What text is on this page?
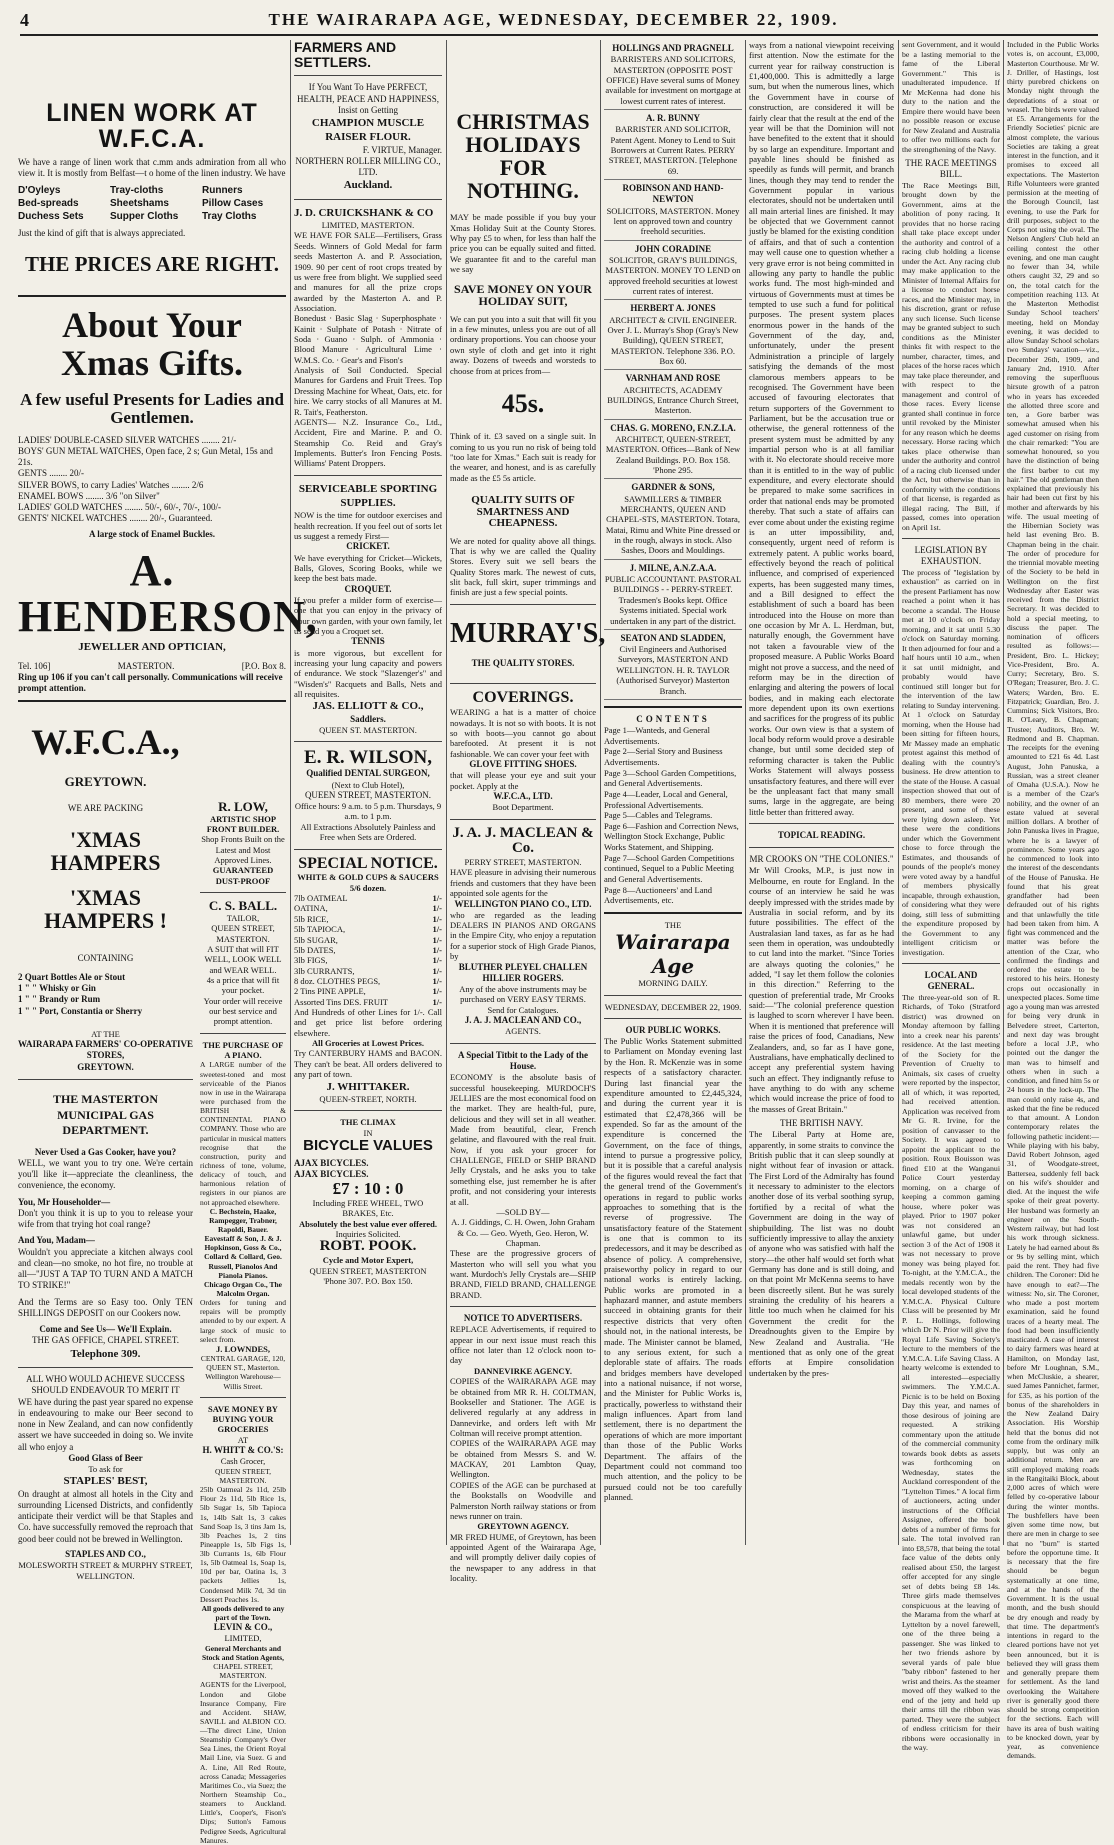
4	THE WAIRARAPA AGE, WEDNESDAY, DECEMBER 22, 1909.
LINEN WORK AT W.F.C.A.
We have a range of linen work that c.mm ands admiration from all who view it. It is mostly from Belfast—t o home of the linen industry. We have
D'Oyleys	Tray-cloths	Runners
Bed-spreads	Sheetshams	Pillow Cases
Duchess Sets	Supper Cloths	Tray Cloths
Just the kind of gift that is always appreciated.
THE PRICES ARE RIGHT.
About Your Xmas Gifts.
A few useful Presents for Ladies and Gentlemen.
LADIES' DOUBLE-CASED SILVER WATCHES ........ 21/-
BOYS' GUN METAL WATCHES, Open face, 2 s; Gun Metal, 15s and 21s.
GENTS ........ 20/-
SILVER BOWS, to carry Ladies' Watches ........ 2/6
ENAMEL BOWS ........ 3/6 "on Silver"
LADIES' GOLD WATCHES ........ 50/-, 60/-, 70/-, 100/-
GENTS' NICKEL WATCHES ........ 20/-, Guaranteed.
A large stock of Enamel Buckles.
A. HENDERSON,
JEWELLER AND OPTICIAN,
Tel. 106]	MASTERTON.	[P.O. Box 8.
Ring up 106 if you can't call personally. Communications will receive prompt attention.
W.F.C.A.,
GREYTOWN.
WE ARE PACKING
'XMAS HAMPERS
'XMAS HAMPERS !
CONTAINING
2 Quart Bottles Ale or Stout
1 " " Whisky or Gin
1 " " Brandy or Rum
1 " " Port, Constantia or Sherry
AT THE
WAIRARAPA FARMERS' CO-OPERATIVE STORES,
GREYTOWN.
THE MASTERTON MUNICIPAL GAS DEPARTMENT.
Never Used a Gas Cooker, have you?
WELL, we want you to try one. We're certain you'll like it—appreciate the cleanliness, the convenience, the economy.
You, Mr Householder—
Don't you think it is up to you to release your wife from that trying hot coal range?
And You, Madam—
Wouldn't you appreciate a kitchen always cool and clean—no smoke, no hot fire, no trouble at all—"JUST A TAP TO TURN AND A MATCH TO STRIKE!"
And the Terms are so Easy too. Only TEN SHILLINGS DEPOSIT on our Cookers now.
Come and See Us— We'll Explain.
THE GAS OFFICE, CHAPEL STREET.
Telephone 309.
ALL WHO WOULD ACHIEVE SUCCESS SHOULD ENDEAVOUR TO MERIT IT
WE have during the past year spared no expense in endeavouring to make our Beer second to none in New Zealand, and can now confidently assert we have succeeded in doing so. We invite all who enjoy a
Good Glass of Beer
To ask for
STAPLES' BEST,
On draught at almost all hotels in the City and surrounding Licensed Districts, and confidently anticipate their verdict will be that Staples and Co. have successfully removed the reproach that good beer could not be brewed in Wellington.
STAPLES AND CO.,
MOLESWORTH STREET & MURPHY STREET,
WELLINGTON.
FARMERS AND SETTLERS.
If You Want To Have PERFECT, HEALTH, PEACE AND HAPPINESS,
Insist on Getting
CHAMPION MUSCLE RAISER FLOUR.
F. VIRTUE, Manager.
NORTHERN ROLLER MILLING CO., LTD.
Auckland.
J. D. CRUICKSHANK & CO
LIMITED, MASTERTON.
WE HAVE FOR SALE—Fertilisers, Grass Seeds. Winners of Gold Medal for farm seeds Masterton A. and P. Association, 1909. 90 per cent of root crops treated by us were free from blight. We supplied seed and manures for all the prize crops awarded by the Masterton A. and P. Association.
Bonedust · Basic Slag · Superphosphate · Kainit · Sulphate of Potash · Nitrate of Soda · Guano · Sulph. of Ammonia · Blood Manure · Agricultural Lime · W.M.S. Co. · Gear's and Fison's
Analysis of Soil Conducted. Special Manures for Gardens and Fruit Trees. Top Dressing Machine for Wheat, Oats, etc. for hire. We carry stocks of all Manures at M. R. Tait's, Featherston.
AGENTS— N.Z. Insurance Co., Ltd., Accident, Fire and Marine. P. and O. Steamship Co. Reid and Gray's Implements. Butter's Iron Fencing Posts. Williams' Patent Droppers.
SERVICEABLE SPORTING SUPPLIES.
NOW is the time for outdoor exercises and health recreation. If you feel out of sorts let us suggest a remedy First—
CRICKET.
We have everything for Cricket—Wickets, Balls, Gloves, Scoring Books, while we keep the best bats made.
CROQUET.
If you prefer a milder form of exercise—one that you can enjoy in the privacy of your own garden, with your own family, let us send you a Croquet set.
TENNIS
is more vigorous, but excellent for increasing your lung capacity and powers of endurance. We stock "Slazenger's" and "Wisden's" Racquets and Balls, Nets and all requisites.
JAS. ELLIOTT & CO.,
Saddlers.
QUEEN ST. MASTERTON.
E. R. WILSON,
Qualified DENTAL SURGEON,
(Next to Club Hotel),
QUEEN STREET, MASTERTON.
Office hours: 9 a.m. to 5 p.m. Thursdays, 9 a.m. to 1 p.m.
All Extractions Absolutely Painless and Free when Sets are Ordered.
SPECIAL NOTICE.
WHITE & GOLD CUPS & SAUCERS 5/6 dozen.
7lb OATMEAL	1/-
OATINA,	1/-
5lb RICE,	1/-
5lb TAPIOCA,	1/-
5lb SUGAR,	1/-
5lb DATES,	1/-
3lb FIGS,	1/-
3lb CURRANTS,	1/-
8 doz. CLOTHES PEGS,	1/-
2 Tins PINE APPLE,	1/-
Assorted Tins DES. FRUIT	1/-
And Hundreds of other Lines for 1/-. Call and get price list before ordering elsewhere.
All Groceries at Lowest Prices.
Try CANTERBURY HAMS and BACON. They can't be beat. All orders delivered to any part of town.
J. WHITTAKER.
QUEEN-STREET, NORTH.
THE CLIMAX
IN
BICYCLE VALUES
AJAX BICYCLES.
AJAX BICYCLES.
£7 : 10 : 0
Including FREE WHEEL, TWO BRAKES, Etc.
Absolutely the best value ever offered.
Inquiries Solicited.
ROBT. POOK.
Cycle and Motor Expert,
QUEEN STREET, MASTERTON
'Phone 307. P.O. Box 150.
CHRISTMAS HOLIDAYS FOR NOTHING.
MAY be made possible if you buy your Xmas Holiday Suit at the County Stores. Why pay £5 to when, for less than half the price you can be equally suited and fitted. We guarantee fit and to the careful man we say
SAVE MONEY ON YOUR HOLIDAY SUIT,
We can put you into a suit that will fit you in a few minutes, unless you are out of all ordinary proportions. You can choose your own style of cloth and get into it right away. Dozens of tweeds and worsteds to choose from at prices from—
45s.
Think of it. £3 saved on a single suit. In coming to us you run no risk of being told "too late for Xmas." Each suit is ready for the wearer, and honest, and is as carefully made as the £5 5s article.
QUALITY SUITS OF SMARTNESS AND CHEAPNESS.
We are noted for quality above all things. That is why we are called the Quality Stores. Every suit we sell bears the Quality Stores mark. The newest of cuts, slit back, full skirt, super trimmings and finish are just a few special points.
MURRAY'S,
THE QUALITY STORES.
COVERINGS.
WEARING a hat is a matter of choice nowadays. It is not so with boots. It is not so with boots—you cannot go about barefooted. At present it is not fashionable. We can cover your feet with
GLOVE FITTING SHOES.
that will please your eye and suit your pocket. Apply at the
W.F.C.A., LTD.
Boot Department.
J. A. J. MACLEAN & Co.
PERRY STREET, MASTERTON.
HAVE pleasure in advising their numerous friends and customers that they have been appointed sole agents for the
WELLINGTON PIANO CO., LTD.
who are regarded as the leading DEALERS IN PIANOS AND ORGANS in the Empire City, who enjoy a reputation for a superior stock of High Grade Pianos, by
BLUTHER PLEYEL CHALLEN HILLIER ROGERS.
Any of the above instruments may be purchased on VERY EASY TERMS.
Send for Catalogues.
J. A. J. MACLEAN AND CO.,
AGENTS.
A Special Titbit to the Lady of the House.
ECONOMY is the absolute basis of successful housekeeping. MURDOCH'S JELLIES are the most economical food on the market. They are health-ful, pure, delicious and they will set in all weather. Made from beautiful, clear, French gelatine, and flavoured with the real fruit. Now, if you ask your grocer for CHALLENGE, FIELD or SHIP BRAND Jelly Crystals, and he asks you to take something else, just remember he is after profit, and not considering your interests at all.
—SOLD BY—
A. J. Giddings, C. H. Owen, John Graham & Co. — Geo. Wyeth, Geo. Heron, W. Chapman.
These are the progressive grocers of Masterton who will sell you what you want. Murdoch's Jelly Crystals are—SHIP BRAND, FIELD BRAND, CHALLENGE BRAND.
NOTICE TO ADVERTISERS.
REPLACE Advertisements, if required to appear in our next issue must reach this office not later than 12 o'clock noon to-day
DANNEVIRKE AGENCY.
COPIES of the WAIRARAPA AGE may be obtained from MR R. H. COLTMAN, Bookseller and Stationer. The AGE is delivered regularly at any address in Dannevirke, and orders left with Mr Coltman will receive prompt attention.
COPIES of the WAIRARAPA AGE may be obtained from Messrs S. and W. MACKAY, 201 Lambton Quay, Wellington.
COPIES of the AGE can be purchased at the Bookstalls on Woodville and Palmerston North railway stations or from news runner on train.
GREYTOWN AGENCY.
MR FRED HUME, of Greytown, has been appointed Agent of the Wairarapa Age, and will promptly deliver daily copies of the newspaper to any address in that locality.
R. LOW,
ARTISTIC SHOP FRONT BUILDER.
Shop Fronts Built on the Latest and Most Approved Lines.
GUARANTEED DUST-PROOF
C. S. BALL.
TAILOR,
QUEEN STREET, MASTERTON.
A SUIT that will FIT WELL, LOOK WELL and WEAR WELL.
4s a price that will fit your pocket.
Your order will receive our best service and prompt attention.
THE PURCHASE OF A PIANO.
A LARGE number of the sweetest-toned and most serviceable of the Pianos now in use in the Wairarapa were purchased from the BRITISH & CONTINENTAL PIANO COMPANY. Those who are particular in musical matters recognise that the construction, purity and richness of tone, volume, delicacy of touch, and harmonious relation of registers in our pianos are not approached elsewhere.
C. Bechstein, Haake, Rampegger, Trabner, Rapoldi, Bauer.
Eavestaff & Son, J. & J. Hopkinson, Goss & Co., Collard & Collard, Geo. Russell, Pianolos And Pianola Pianos.
Chicago Organ Co., The Malcolm Organ.
Orders for tuning and repairs will be promptly attended to by our expert. A large stock of music to select from.
J. LOWNDES,
CENTRAL GARAGE, 120, QUEEN ST., Masterton.
Wellington Warehouse—Willis Street.
SAVE MONEY BY BUYING YOUR GROCERIES
AT
H. WHITT & CO.'S:
Cash Grocer,
QUEEN STREET, MASTERTON.
25lb Oatmeal 2s 11d, 25lb Flour 2s 11d, 5lb Rice 1s, 5lb Sugar 1s, 5lb Tapioca 1s, 14lb Salt 1s, 3 cakes Sand Soap 1s, 3 tins Jam 1s, 3lb Peaches 1s, 2 tins Pineapple 1s, 5lb Figs 1s, 3lb Currants 1s, 6lb Flour 1s, 5lb Oatmeal 1s, Soap 1s, 10d per bar, Oatina 1s, 3 packets Jellies 1s, Condensed Milk 7d, 3d tin Dessert Peaches 1s.
All goods delivered to any part of the Town.
LEVIN & CO.,
LIMITED,
General Merchants and Stock and Station Agents,
CHAPEL STREET, MASTERTON.
AGENTS for the Liverpool, London and Globe Insurance Company, Fire and Accident. SHAW, SAVILL and ALBION CO.—The direct Line, Union Steamship Company's Over Sea Lines, the Orient Royal Mail Line, via Suez. G and A. Line, All Red Route, across Canada; Messageries Maritimes Co., via Suez; the Northern Steamship Co., steamers to Auckland. Little's, Cooper's, Fison's Dips; Sutton's Famous Pedigree Seeds, Agricultural Manures.
HOLLINGS AND PRAGNELL
BARRISTERS AND SOLICITORS, MASTERTON (OPPOSITE POST OFFICE) Have several sums of Money available for investment on mortgage at lowest current rates of interest.
A. R. BUNNY
BARRISTER AND SOLICITOR, Patent Agent. Money to Lend to Suit Borrowers at Current Rates. PERRY STREET, MASTERTON. [Telephone 69.
ROBINSON AND HAND-NEWTON
SOLICITORS, MASTERTON. Money lent on approved town and country freehold securities.
JOHN CORADINE
SOLICITOR, GRAY'S BUILDINGS, MASTERTON. MONEY TO LEND on approved freehold securities at lowest current rates of interest.
HERBERT A. JONES
ARCHITECT & CIVIL ENGINEER. Over J. L. Murray's Shop (Gray's New Building), QUEEN STREET, MASTERTON. Telephone 336. P.O. Box 60.
VARNHAM AND ROSE
ARCHITECTS, ACADEMY BUILDINGS, Entrance Church Street, Masterton.
CHAS. G. MORENO, F.N.Z.I.A.
ARCHITECT, QUEEN-STREET, MASTERTON. Offices—Bank of New Zealand Buildings. P.O. Box 158. 'Phone 295.
GARDNER & SONS,
SAWMILLERS & TIMBER MERCHANTS, QUEEN AND CHAPEL-STS, MASTERTON. Totara, Matai, Rimu and White Pine dressed or in the rough, always in stock. Also Sashes, Doors and Mouldings.
J. MILNE, A.N.Z.A.A.
PUBLIC ACCOUNTANT. PASTORAL BUILDINGS - - PERRY-STREET. Tradesmen's Books kept. Office Systems initiated. Special work undertaken in any part of the district.
SEATON AND SLADDEN,
Civil Engineers and Authorised Surveyors, MASTERTON AND WELLINGTON. H. R. TAYLOR (Authorised Surveyor) Masterton Branch.
CONTENTS
Page 1—Wanteds, and General Advertisements.
Page 2—Serial Story and Business Advertisements.
Page 3—School Garden Competitions, and General Advertisements.
Page 4—Leader, Local and General, Professional Advertisements.
Page 5—Cables and Telegrams.
Page 6—Fashion and Correction News, Wellington Stock Exchange, Public Works Statement, and Shipping.
Page 7—School Garden Competitions continued, Sequel to a Public Meeting and General Advertisements.
Page 8—Auctioneers' and Land Advertisements, etc.
THE
Wairarapa Age
MORNING DAILY.
WEDNESDAY, DECEMBER 22, 1909.
OUR PUBLIC WORKS.
The Public Works Statement submitted to Parliament on Monday evening last by the Hon. R. McKenzie was in some respects of a satisfactory character. During last financial year the expenditure amounted to £2,445,324, and during the current year it is estimated that £2,478,366 will be expended. So far as the amount of the expenditure is concerned the Government, on the face of things, intend to pursue a progressive policy, but it is possible that a careful analysis of the figures would reveal the fact that the general trend of the Government's operations in regard to public works approaches to something that is the reverse of progressive. The unsatisfactory feature of the Statement is one that is common to its predecessors, and it may be described as absence of policy. A comprehensive, praiseworthy policy in regard to our national works is entirely lacking. Public works are promoted in a haphazard manner, and astute members succeed in obtaining grants for their respective districts that very often should not, in the national interests, be made. The Minister cannot be blamed, to any serious extent, for such a deplorable state of affairs. The roads and bridges members have developed into a national nuisance, if not worse, and the Minister for Public Works is, practically, powerless to withstand their malign influences. Apart from land settlement, there is no department the operations of which are more important than those of the Public Works Department. The affairs of the Department could not command too much attention, and the policy to be pursued could not be too carefully planned.
ways from a national viewpoint receiving first attention. Now the estimate for the current year for railway construction is £1,400,000. This is admittedly a large sum, but when the numerous lines, which the Government have in course of construction, are considered it will be fairly clear that the result at the end of the year will be that the Dominion will not have benefited to the extent that it should by so large an expenditure. Important and payable lines should be finished as speedily as funds will permit, and branch lines, though they may tend to render the Government popular in various electorates, should not be undertaken until all main arterial lines are finished. It may be objected that we Government cannot justly be blamed for the existing condition of affairs, and that of such a contention may well cause one to question whether a very grave error is not being committed in allowing any party to handle the public works fund. The most high-minded and virtuous of Governments must at times be tempted to use such a fund for political purposes. The present system places enormous power in the hands of the Government of the day, and, unfortunately, under the present Administration a principle of largely satisfying the demands of the most clamorous members appears to be recognised. The Government have been accused of favouring electorates that return supporters of the Government to Parliament, but be the accusation true or otherwise, the general rottenness of the present system must be admitted by any impartial person who is at all familiar with it. No electorate should receive more than it is entitled to in the way of public expenditure, and every electorate should be prepared to make some sacrifices in order that national ends may be promoted thereby. That such a state of affairs can ever come about under the existing regime is an utter impossibility, and, consequently, urgent need of reform is extremely patent. A public works board, effectively beyond the reach of political influence, and comprised of experienced experts, has been suggested many times, and a Bill designed to effect the establishment of such a board has been introduced into the House on more than one occasion by Mr A. L. Herdman, but, naturally enough, the Government have not taken a favourable view of the proposed measure. A Public Works Board might not prove a success, and the need of reform may be in the direction of enlarging and altering the powers of local bodies, and in making each electorate more dependent upon its own exertions and sacrifices for the progress of its public works. Our own view is that a system of local body reform would prove a desirable change, but until some decided step of reforming character is taken the Public Works Statement will always possess unsatisfactory features, and there will ever be the unpleasant fact that many small sums, large in the aggregate, are being little better than frittered away.
TOPICAL READING.
MR CROOKS ON "THE COLONIES."
Mr Will Crooks, M.P., is just now in Melbourne, en route for England. In the course of an interview he said he was deeply impressed with the strides made by Australia in social reform, and by its future possibilities. The effect of the Australasian land taxes, as far as he had seen them in operation, was undoubtedly to cut land into the market. "Since Tories are always quoting the colonies," he added, "I say let them follow the colonies in this direction." Referring to the question of preferential trade, Mr Crooks said:—"The colonial preference question is laughed to scorn wherever I have been. When it is mentioned that preference will raise the prices of food, Canadians, New Zealanders, and, so far as I have gone, Australians, have emphatically declined to accept any preferential system having such an effect. They indignantly refuse to have anything to do with any scheme which would increase the price of food to the masses of Great Britain."
THE BRITISH NAVY.
The Liberal Party at Home are, apparently, in some straits to convince the British public that it can sleep soundly at night without fear of invasion or attack. The First Lord of the Admiralty has found it necessary to administer to the electors another dose of its verbal soothing syrup, fortified by a recital of what the Government are doing in the way of shipbuilding. The list was no doubt sufficiently impressive to allay the anxiety of anyone who was satisfied with half the story—the other half would set forth what Germany has done and is still doing, and on that point Mr McKenna seems to have been discreetly silent. But he was surely straining the credulity of his hearers a little too much when he claimed for his Government the credit for the Dreadnoughts given to the Empire by New Zealand and Australia. "He mentioned that as only one of the great efforts at Empire consolidation undertaken by the pres-
sent Government, and it would be a lasting memorial to the fame of the Liberal Government." This is unadulterated impudence. If Mr McKenna had done his duty to the nation and the Empire there would have been no possible reason or excuse for New Zealand and Australia to offer two millions each for the strengthening of the Navy.
THE RACE MEETINGS BILL.
The Race Meetings Bill, brought down by the Government, aims at the abolition of pony racing. It provides that no horse racing shall take place except under the authority and control of a racing club holding a license under the Act. Any racing club may make application to the Minister of Internal Affairs for a license to conduct horse races, and the Minister may, in his discretion, grant or refuse any such license. Such license may be granted subject to such conditions as the Minister thinks fit with respect to the number, character, times, and places of the horse races which may take place thereunder, and with respect to the management and control of those races. Every license granted shall continue in force until revoked by the Minister for any reason which he deems necessary. Horse racing which takes place otherwise than under the authority and control of a racing club licensed under the Act, but otherwise than in conformity with the conditions of that license, is regarded as illegal racing. The Bill, if passed, comes into operation on April 1st.
LEGISLATION BY EXHAUSTION.
The process of "legislation by exhaustion" as carried on in the present Parliament has now reached a point when it has become a scandal. The House met at 10 o'clock on Friday morning, and it sat until 5.30 o'clock on Saturday morning. It then adjourned for four and a half hours until 10 a.m., when it sat until midnight, and probably would have continued still longer but for the intervention of the law relating to Sunday intervening. At 1 o'clock on Saturday morning, when the House had been sitting for fifteen hours, Mr Massey made an emphatic protest against this method of dealing with the country's business. He drew attention to the state of the House. A casual inspection showed that out of 80 members, there were 20 present, and some of these were lying down asleep. Yet these were the conditions under which the Government chose to force through the Estimates, and thousands of pounds of the people's money were voted away by a handful of members physically incapable, through exhaustion, of considering what they were doing, still less of submitting the expenditure proposed by the Government to any intelligent criticism or investigation.
LOCAL AND GENERAL.
The three-year-old son of R. Richards, of Toko (Stratford district) was drowned on Monday afternoon by falling into a creek near his parents' residence. At the last meeting of the Society for the Prevention of Cruelty to Animals, six cases of cruelty were reported by the inspector, all of which, it was reported, had received attention. Application was received from Mr G. R. Irvine, for the position of canvasser to the Society. It was agreed to appoint the applicant to the position. Roux Bouisson was fined £10 at the Wanganui Police Court yesterday morning, on a charge of keeping a common gaming house, where poker was played. Prior to 1907 poker was not considered an unlawful game, but under section 3 of the Act of 1908 it was not necessary to prove money was being played for. To-night, at the Y.M.C.A., the medals recently won by the local developed students of the Y.M.C.A. Physical Culture Class will be presented by Mr P. L. Hollings, following which Dr N. Prior will give the Royal Life Saving Society's lecture to the members of the Y.M.C.A. Life Saving Class. A hearty welcome is extended to all interested—especially swimmers. The Y.M.C.A. Picnic is to be held on Boxing Day this year, and names of those desirous of joining are requested. A striking commentary upon the attitude of the commercial community towards book debts as assets was forthcoming on Wednesday, states the Auckland correspondent of the "Lyttelton Times." A local firm of auctioneers, acting under instructions of the Official Assignee, offered the book debts of a number of firms for sale. The total involved ran into £8,578, that being the total face value of the debts only realised about £50, the largest offer accepted for any single set of debts being £8 14s. Three girls made themselves conspicuous at the leaving of the Marama from the wharf at Lyttelton by a novel farewell, one of the three being a passenger. She was linked to her two friends ashore by several yards of pale blue "baby ribbon" fastened to her wrist and theirs. As the steamer moved off they walked to the end of the jetty and held up their arms till the ribbon was parted. They were the subject of endless criticism for their ribbons were occasionally in the way.
Included in the Public Works votes is, on account, £3,000, Masterton Courthouse. Mr W. J. Driller, of Hastings, lost thirty purebred chickens on Monday night through the depredations of a stoat or weasel. The birds were valued at £5. Arrangements for the Friendly Societies' picnic are almost complete, the various Societies are taking a great interest in the function, and it promises to exceed all expectations. The Masterton Rifle Volunteers were granted permission at the meeting of the Borough Council, last evening, to use the Park for drill purposes, subject to the Corps not using the oval. The Nelson Anglers' Club held an ceiling contest the other evening, and one man caught no fewer than 34, while others caught 32, 29 and so on, the total catch for the competition reaching 113. At the Masterton Methodist Sunday School teachers' meeting, held on Monday evening, it was decided to allow Sunday School scholars two Sundays' vacation—viz., December 26th, 1909, and January 2nd, 1910. After removing the superfluous hirsute growth of a patron who in years has exceeded the allotted three score and ten, a Gore barber was somewhat amused when his aged customer on rising from the chair remarked: "You are somewhat honoured, so you have the distinction of being the first barber to cut my hair." The old gentleman then explained that previously his hair had been cut first by his mother and afterwards by his wife. The usual meeting of the Hibernian Society was held last evening Bro. B. Chapman being in the chair. The order of procedure for the triennial movable meeting of the Society to be held in Wellington on the first Wednesday after Easter was received from the District Secretary. It was decided to hold a special meeting, to discuss the paper. The nomination of officers resulted as follows:—President, Bro. L. Hickey; Vice-President, Bro. A. Curry; Secretary, Bro. S. O'Regan; Treasurer, Bro. J. C. Waters; Warden, Bro. E. Fitzpatrick; Guardian, Bro. J. Cummins; Sick Visitors, Bro. R. O'Leary, B. Chapman; Trustee; Auditors, Bro. W. Redmond and B. Chapman. The receipts for the evening amounted to £21 6s 4d. Last August, John Panuska, a Russian, was a street cleaner of Omaha (U.S.A.). Now he is a member of the Czar's nobility, and the owner of an estate valued at several million dollars. A brother of John Panuska lives in Prague, where he is a lawyer of prominence. Some years ago he commenced to look into the interest of the descendants of the House of Panuska. He found that his great grandfather had been defrauded out of his rights and that unlawfully the title had been taken from him. A fight was commenced and the matter was before the attention of the Czar, who confirmed the findings and ordered the estate to be restored to his heirs. Honesty crops out occasionally in unexpected places. Some time ago a young man was arrested for being very drunk in Belvedere street, Carterton, and next day was brought before a local J.P., who pointed out the danger the man was to himself and others when in such a condition, and fined him 5s or 24 hours in the lock-up. The man could only raise 4s, and asked that the fine be reduced to that amount. A London contemporary relates the following pathetic incident:—While playing with his baby, David Robert Johnson, aged 31, of Woodgate-street, Battersea, suddenly fell back on his wife's shoulder and died. At the inquest the wife spoke of their great poverty. Her husband was formerly an engineer on the South-Western railway, but had lost his work through sickness. Lately he had earned about 8s or 9s by selling mint, which paid the rent. They had five children. The Coroner: Did he have enough to eat?—The witness: No, sir. The Coroner, who made a post mortem examination, said he found traces of a hearty meal. The food had been insufficiently masticated. A case of interest to dairy farmers was heard at Hamilton, on Monday last, before Mr Loughnan, S.M., when McCluskie, a shearer, sued James Pannichet, farmer, for £35, as his portion of the bonus of the shareholders in the New Zealand Dairy Association. His Worship held that the bonus did not come from the ordinary milk supply, but was only an additional return. Men are still employed making roads in the Rangitaiki Block, about 2,000 acres of which were felled by co-operative labour during the winter months. The bushfellers have been given some time now, but there are men in charge to see that no "burn" is started before the opportune time. It is necessary that the fire should be begun systematically at one time, and at the hands of the Government. It is the usual month, and the bush should be dry enough and ready by that time. The department's intentions in regard to the cleared portions have not yet been announced, but it is believed they will grass them and generally prepare them for settlement. As the land overlooking the Waitahere river is generally good there should be strong competition for the sections. Each will have its area of bush waiting to be knocked down, year by year, as convenience demands.
